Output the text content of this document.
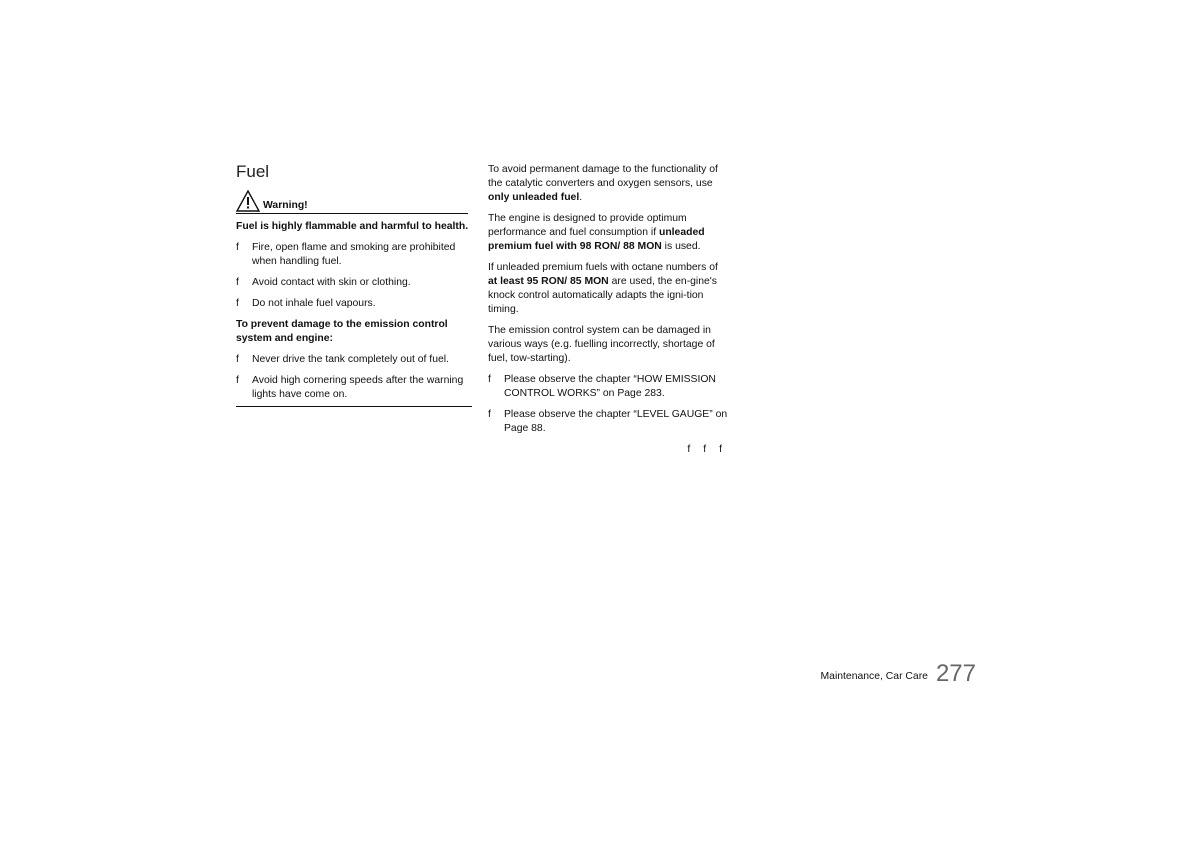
Fuel
Warning!

Fuel is highly flammable and harmful to health.

f	Fire, open flame and smoking are prohibited when handling fuel.
f	Avoid contact with skin or clothing.
f	Do not inhale fuel vapours.

To prevent damage to the emission control system and engine:

f	Never drive the tank completely out of fuel.
f	Avoid high cornering speeds after the warning lights have come on.

To avoid permanent damage to the functionality of the catalytic converters and oxygen sensors, use only unleaded fuel.

The engine is designed to provide optimum performance and fuel consumption if unleaded premium fuel with 98 RON/ 88 MON is used.

If unleaded premium fuels with octane numbers of at least 95 RON/ 85 MON are used, the en-gine's knock control automatically adapts the igni-tion timing.

The emission control system can be damaged in various ways (e.g. fuelling incorrectly, shortage of fuel, tow-starting).

f	Please observe the chapter “HOW EMISSION CONTROL WORKS” on Page 283.
f	Please observe the chapter “LEVEL GAUGE” on Page 88.
f f f
Maintenance, Car Care 277
